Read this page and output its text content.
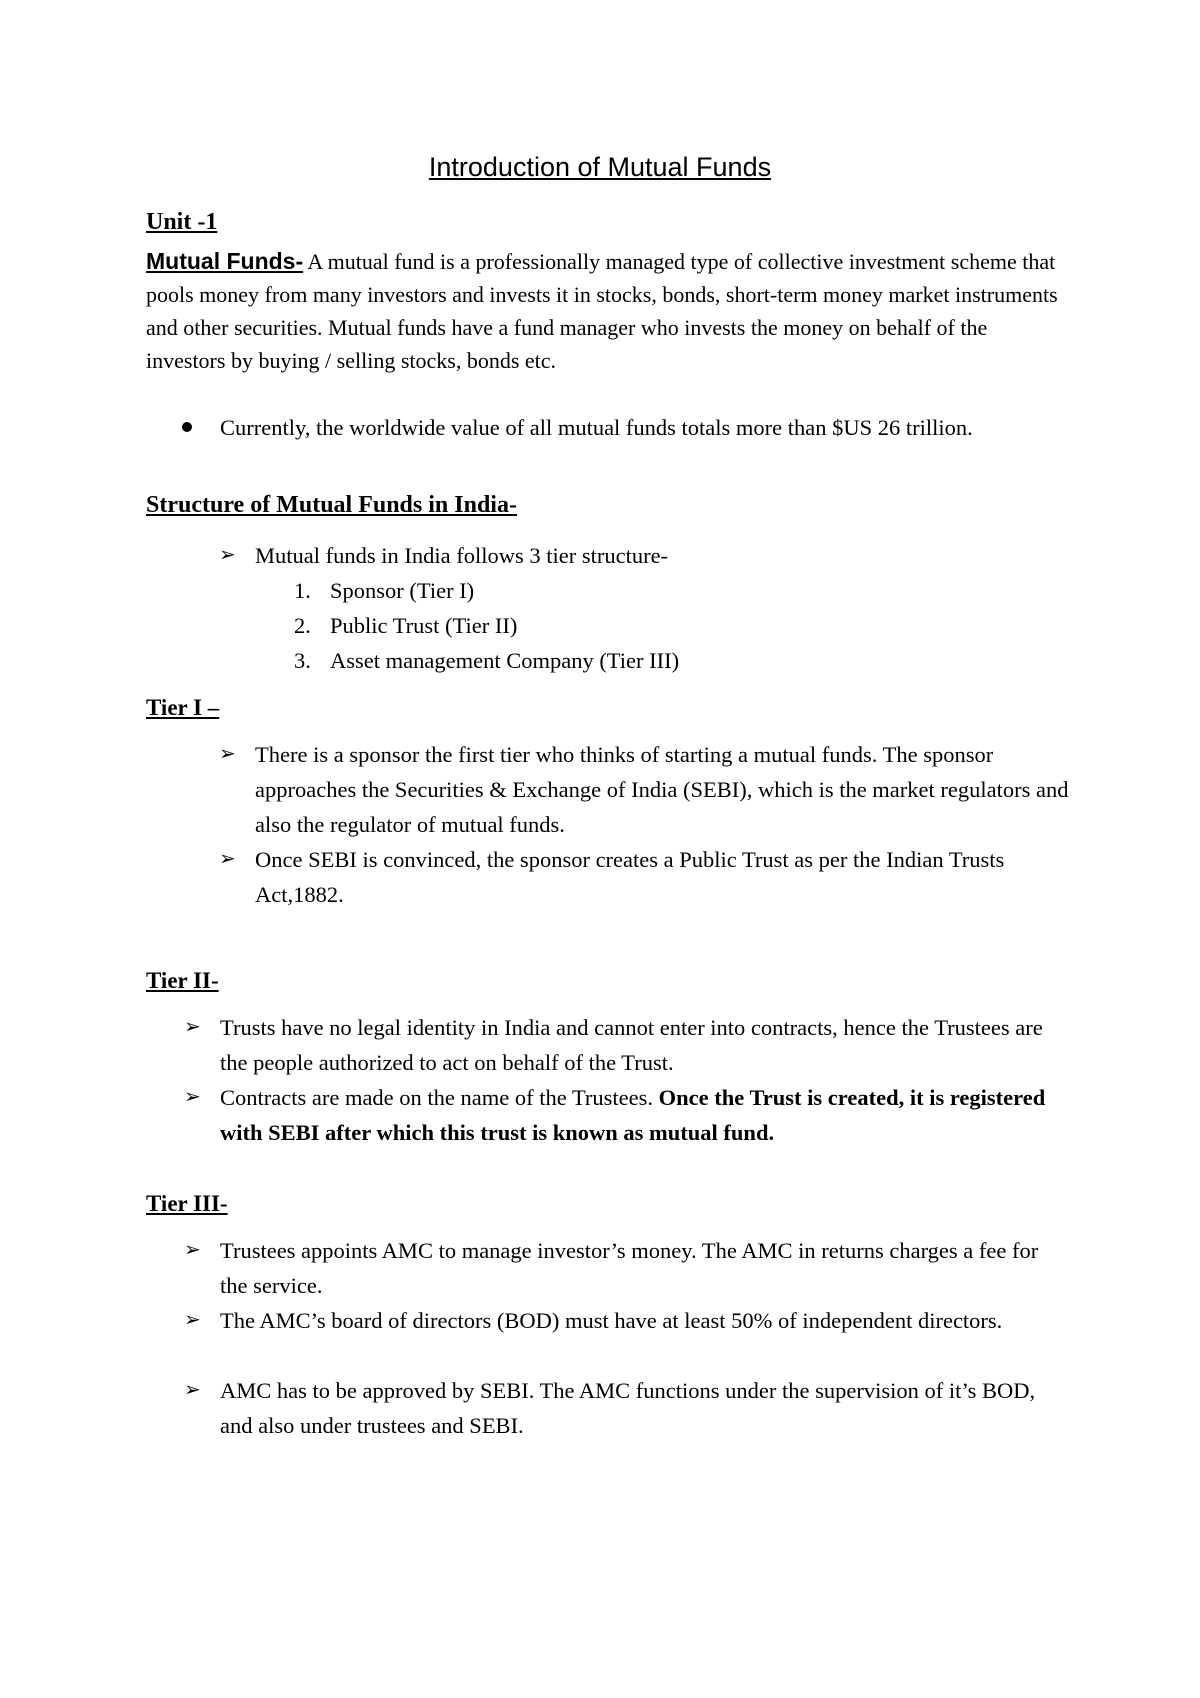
Introduction of Mutual Funds
Unit -1
Mutual Funds- A mutual fund is a professionally managed type of collective investment scheme that pools money from many investors and invests it in stocks, bonds, short-term money market instruments and other securities. Mutual funds have a fund manager who invests the money on behalf of the investors by buying / selling stocks, bonds etc.
Currently, the worldwide value of all mutual funds totals more than $US 26 trillion.
Structure of Mutual Funds in India-
➢ Mutual funds in India follows 3 tier structure-
1. Sponsor (Tier I)
2. Public Trust (Tier II)
3. Asset management Company (Tier III)
Tier I –
➢ There is a sponsor the first tier who thinks of starting a mutual funds. The sponsor approaches the Securities & Exchange of India (SEBI), which is the market regulators and also the regulator of mutual funds.
➢ Once SEBI is convinced, the sponsor creates a Public Trust as per the Indian Trusts Act,1882.
Tier II-
➢ Trusts have no legal identity in India and cannot enter into contracts, hence the Trustees are the people authorized to act on behalf of the Trust.
➢ Contracts are made on the name of the Trustees. Once the Trust is created, it is registered with SEBI after which this trust is known as mutual fund.
Tier III-
➢ Trustees appoints AMC to manage investor’s money. The AMC in returns charges a fee for the service.
➢ The AMC’s board of directors (BOD) must have at least 50% of independent directors.
➢ AMC has to be approved by SEBI. The AMC functions under the supervision of it’s BOD, and also under trustees and SEBI.
